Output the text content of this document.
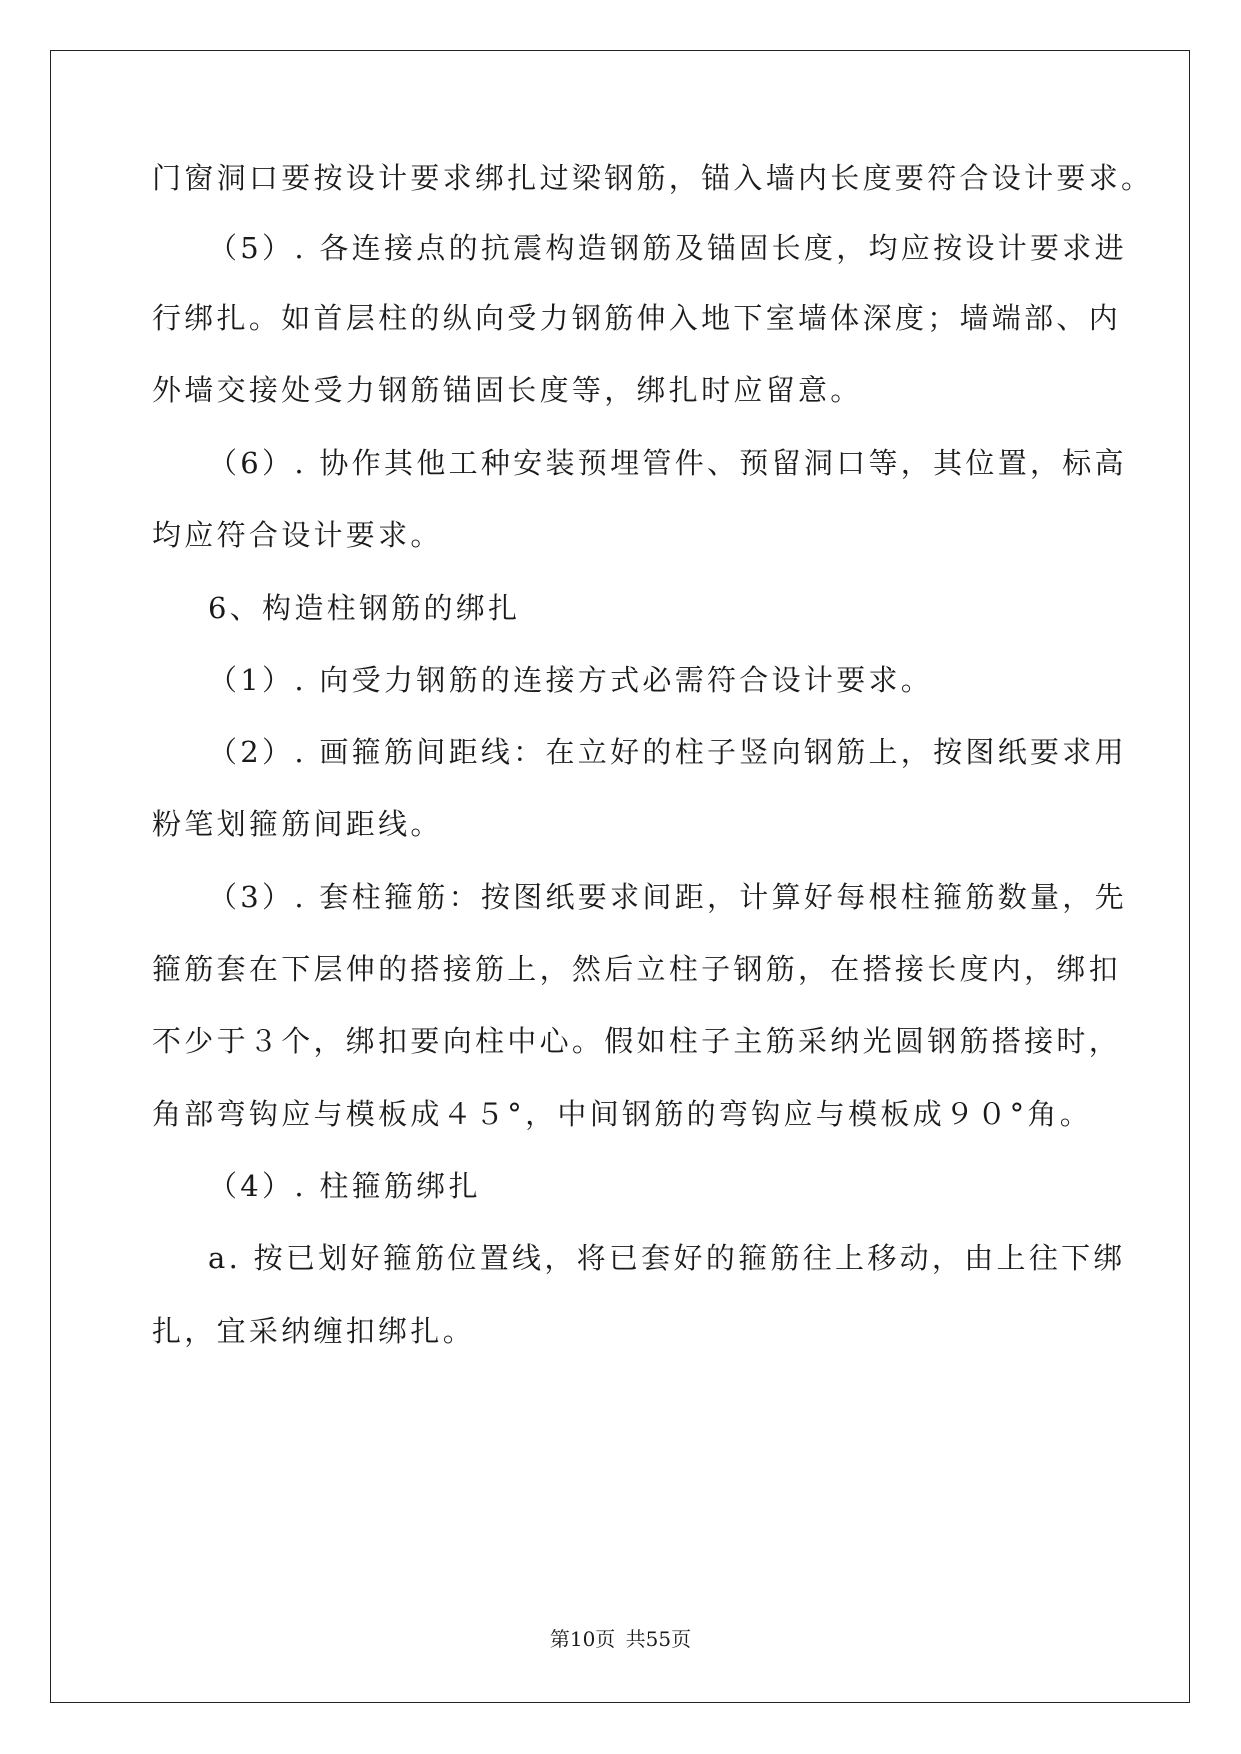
门窗洞口要按设计要求绑扎过梁钢筋，锚入墙内长度要符合设计要求。
（5）. 各连接点的抗震构造钢筋及锚固长度，均应按设计要求进
行绑扎。如首层柱的纵向受力钢筋伸入地下室墙体深度；墙端部、内
外墙交接处受力钢筋锚固长度等，绑扎时应留意。
（6）. 协作其他工种安装预埋管件、预留洞口等，其位置，标高
均应符合设计要求。
6、构造柱钢筋的绑扎
（1）. 向受力钢筋的连接方式必需符合设计要求。
（2）. 画箍筋间距线：在立好的柱子竖向钢筋上，按图纸要求用
粉笔划箍筋间距线。
（3）. 套柱箍筋：按图纸要求间距，计算好每根柱箍筋数量，先
箍筋套在下层伸的搭接筋上，然后立柱子钢筋，在搭接长度内，绑扣
不少于３个，绑扣要向柱中心。假如柱子主筋采纳光圆钢筋搭接时，
角部弯钩应与模板成４５°，中间钢筋的弯钩应与模板成９０°角。
（4）. 柱箍筋绑扎
a. 按已划好箍筋位置线，将已套好的箍筋往上移动，由上往下绑
扎，宜采纳缠扣绑扎。
第10页 共55页
